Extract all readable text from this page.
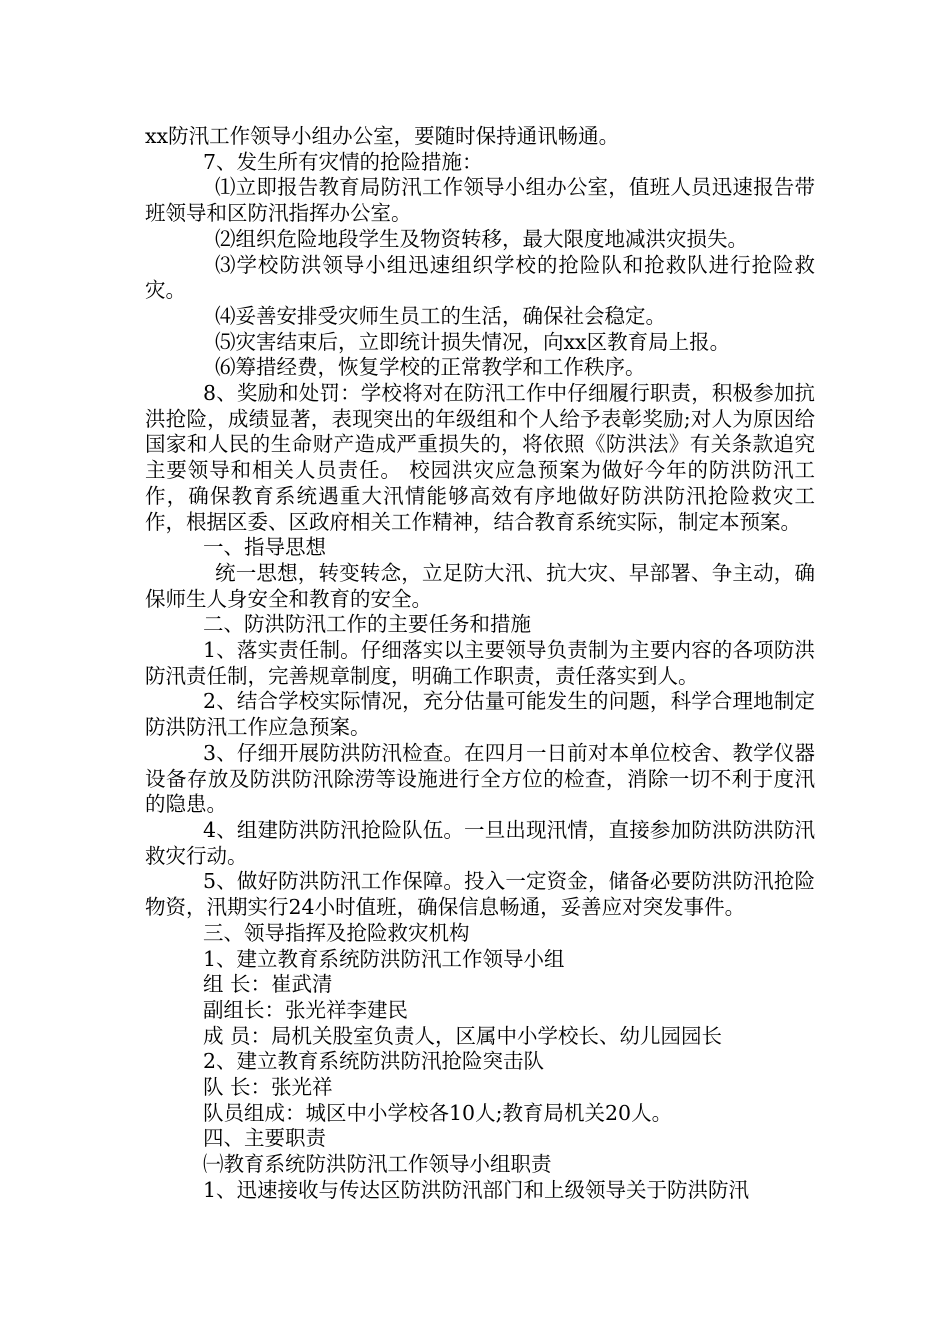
xx防汛工作领导小组办公室，要随时保持通讯畅通。

7、发生所有灾情的抢险措施：

⑴立即报告教育局防汛工作领导小组办公室，值班人员迅速报告带班领导和区防汛指挥办公室。

⑵组织危险地段学生及物资转移，最大限度地减洪灾损失。

⑶学校防洪领导小组迅速组织学校的抢险队和抢救队进行抢险救灾。

⑷妥善安排受灾师生员工的生活，确保社会稳定。

⑸灾害结束后，立即统计损失情况，向xx区教育局上报。

⑹筹措经费，恢复学校的正常教学和工作秩序。

8、奖励和处罚：学校将对在防汛工作中仔细履行职责，积极参加抗洪抢险，成绩显著，表现突出的年级组和个人给予表彰奖励;对人为原因给国家和人民的生命财产造成严重损失的，将依照《防洪法》有关条款追究主要领导和相关人员责任。 校园洪灾应急预案为做好今年的防洪防汛工作，确保教育系统遇重大汛情能够高效有序地做好防洪防汛抢险救灾工作，根据区委、区政府相关工作精神，结合教育系统实际，制定本预案。

一、指导思想

统一思想，转变转念，立足防大汛、抗大灾、早部署、争主动，确保师生人身安全和教育的安全。

二、防洪防汛工作的主要任务和措施

1、落实责任制。仔细落实以主要领导负责制为主要内容的各项防洪防汛责任制，完善规章制度，明确工作职责，责任落实到人。

2、结合学校实际情况，充分估量可能发生的问题，科学合理地制定防洪防汛工作应急预案。

3、仔细开展防洪防汛检查。在四月一日前对本单位校舍、教学仪器设备存放及防洪防汛除涝等设施进行全方位的检查，消除一切不利于度汛的隐患。

4、组建防洪防汛抢险队伍。一旦出现汛情，直接参加防洪防洪防汛救灾行动。

5、做好防洪防汛工作保障。投入一定资金，储备必要防洪防汛抢险物资，汛期实行24小时值班，确保信息畅通，妥善应对突发事件。

三、领导指挥及抢险救灾机构

1、建立教育系统防洪防汛工作领导小组

组 长：崔武清

副组长：张光祥李建民

成 员：局机关股室负责人，区属中小学校长、幼儿园园长

2、建立教育系统防洪防汛抢险突击队

队 长：张光祥

队员组成：城区中小学校各10人;教育局机关20人。

四、主要职责

㈠教育系统防洪防汛工作领导小组职责

1、迅速接收与传达区防洪防汛部门和上级领导关于防洪防汛
